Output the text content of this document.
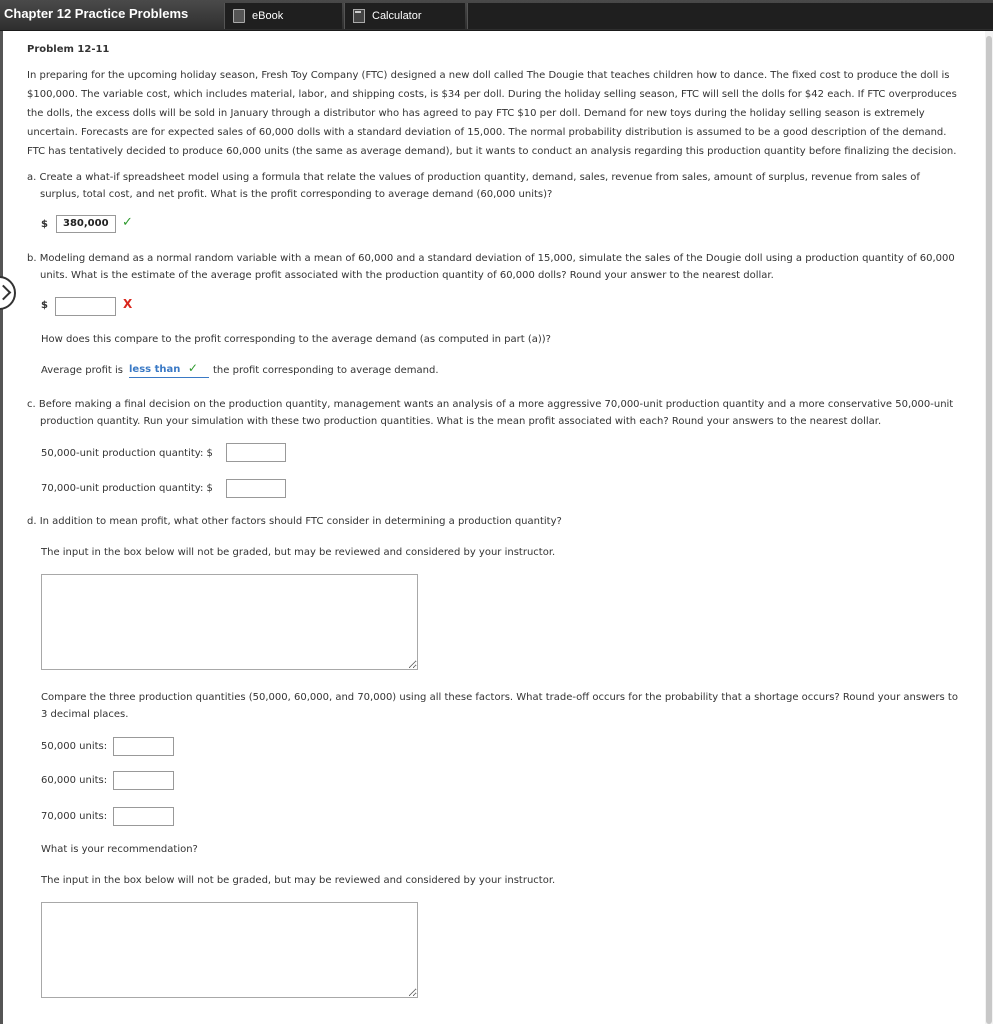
Chapter 12 Practice Problems	eBook	Calculator
Problem 12-11
In preparing for the upcoming holiday season, Fresh Toy Company (FTC) designed a new doll called The Dougie that teaches children how to dance. The fixed cost to produce the doll is
$100,000. The variable cost, which includes material, labor, and shipping costs, is $34 per doll. During the holiday selling season, FTC will sell the dolls for $42 each. If FTC overproduces
the dolls, the excess dolls will be sold in January through a distributor who has agreed to pay FTC $10 per doll. Demand for new toys during the holiday selling season is extremely
uncertain. Forecasts are for expected sales of 60,000 dolls with a standard deviation of 15,000. The normal probability distribution is assumed to be a good description of the demand.
FTC has tentatively decided to produce 60,000 units (the same as average demand), but it wants to conduct an analysis regarding this production quantity before finalizing the decision.
a. Create a what-if spreadsheet model using a formula that relate the values of production quantity, demand, sales, revenue from sales, amount of surplus, revenue from sales of
surplus, total cost, and net profit. What is the profit corresponding to average demand (60,000 units)?
$	380,000	✓
b. Modeling demand as a normal random variable with a mean of 60,000 and a standard deviation of 15,000, simulate the sales of the Dougie doll using a production quantity of 60,000
units. What is the estimate of the average profit associated with the production quantity of 60,000 dolls? Round your answer to the nearest dollar.
$	X
How does this compare to the profit corresponding to the average demand (as computed in part (a))?
Average profit is less than ✓	the profit corresponding to average demand.
c. Before making a final decision on the production quantity, management wants an analysis of a more aggressive 70,000-unit production quantity and a more conservative 50,000-unit
production quantity. Run your simulation with these two production quantities. What is the mean profit associated with each? Round your answers to the nearest dollar.
50,000-unit production quantity: $
70,000-unit production quantity: $
d. In addition to mean profit, what other factors should FTC consider in determining a production quantity?
The input in the box below will not be graded, but may be reviewed and considered by your instructor.
Compare the three production quantities (50,000, 60,000, and 70,000) using all these factors. What trade-off occurs for the probability that a shortage occurs? Round your answers to
3 decimal places.
50,000 units:
60,000 units:
70,000 units:
What is your recommendation?
The input in the box below will not be graded, but may be reviewed and considered by your instructor.
